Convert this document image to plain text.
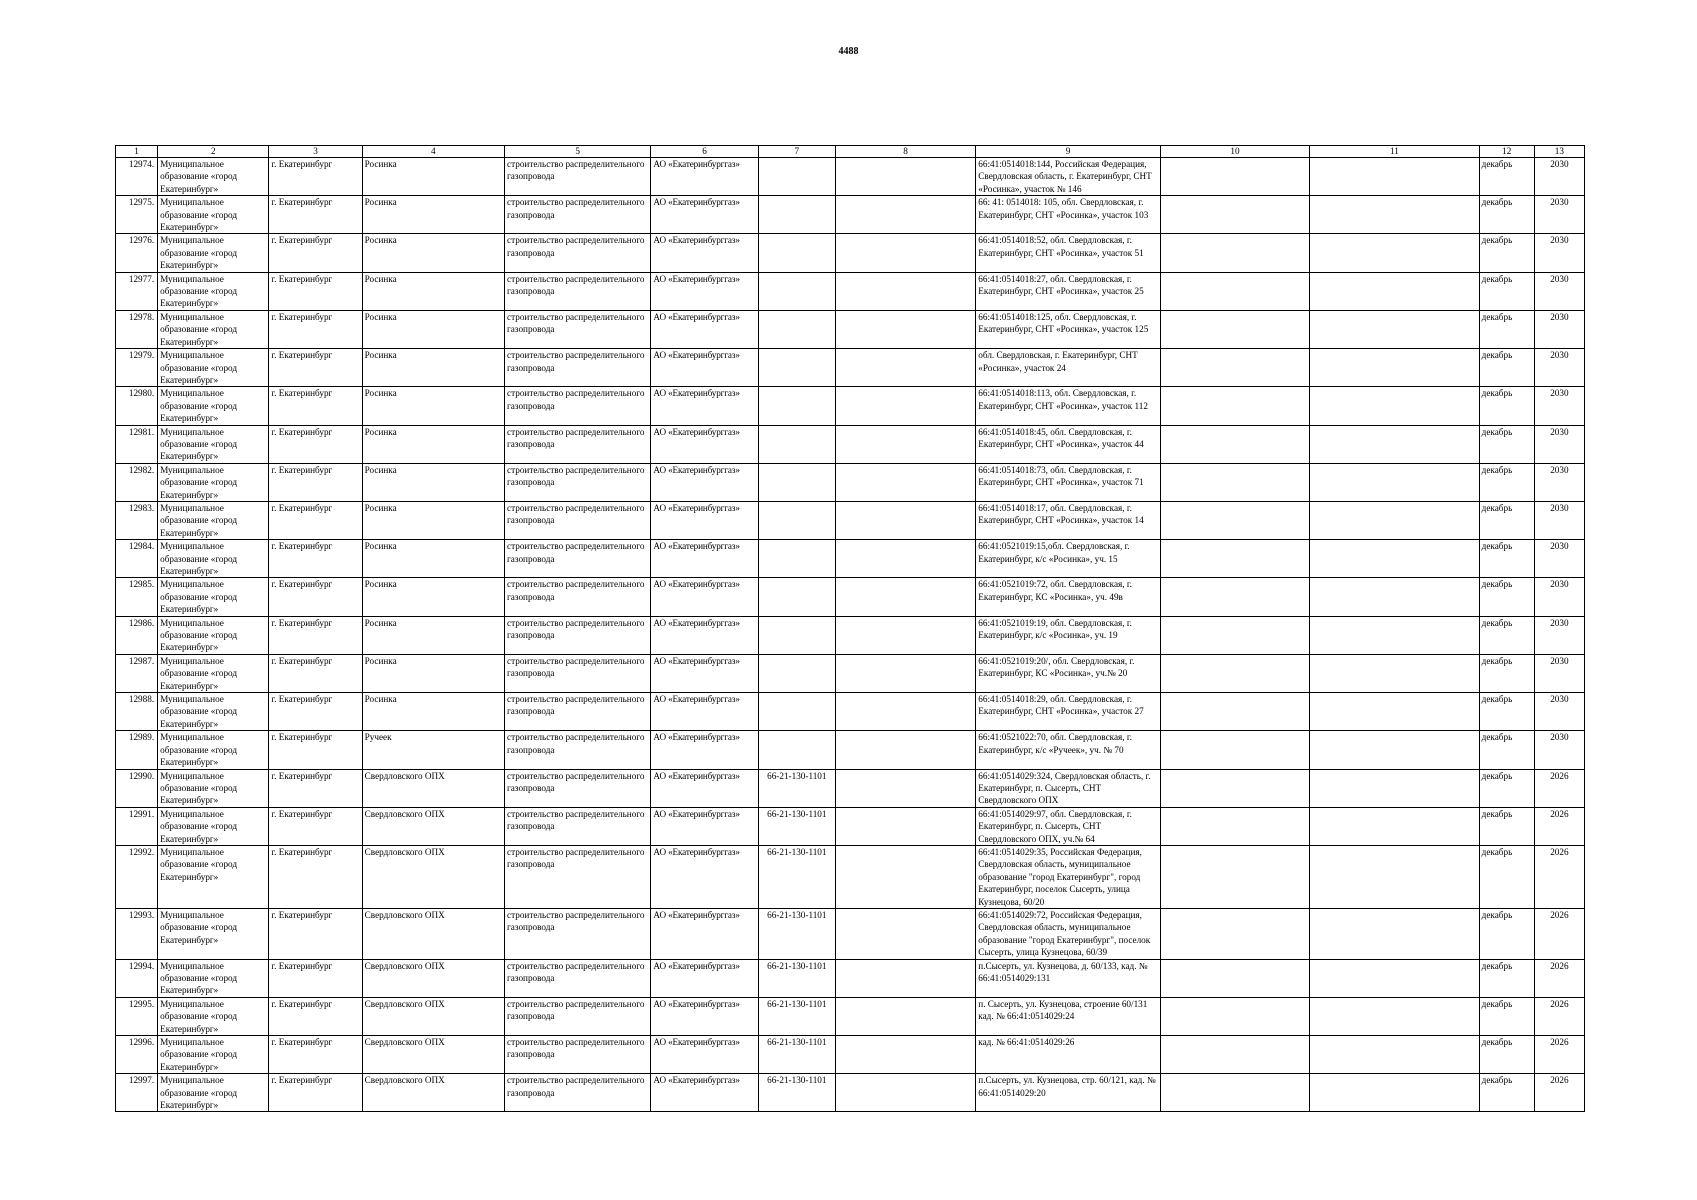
4488
1	2	3	4	5	6	7	8	9	10	11	12	13
12974.	Муниципальное образование «город Екатеринбург»	г. Екатеринбург	Росинка	строительство распределительного газопровода	АО «Екатеринбурггаз»			66:41:0514018:144, Российская Федерация, Свердловская область, г. Екатеринбург, СНТ «Росинка», участок № 146			декабрь	2030
12975.	Муниципальное образование «город Екатеринбург»	г. Екатеринбург	Росинка	строительство распределительного газопровода	АО «Екатеринбурггаз»			66: 41: 0514018: 105, обл. Свердловская, г. Екатеринбург, СНТ «Росинка», участок 103			декабрь	2030
12976.	Муниципальное образование «город Екатеринбург»	г. Екатеринбург	Росинка	строительство распределительного газопровода	АО «Екатеринбурггаз»			66:41:0514018:52, обл. Свердловская, г. Екатеринбург, СНТ «Росинка», участок 51			декабрь	2030
12977.	Муниципальное образование «город Екатеринбург»	г. Екатеринбург	Росинка	строительство распределительного газопровода	АО «Екатеринбурггаз»			66:41:0514018:27, обл. Свердловская, г. Екатеринбург, СНТ «Росинка», участок 25			декабрь	2030
12978.	Муниципальное образование «город Екатеринбург»	г. Екатеринбург	Росинка	строительство распределительного газопровода	АО «Екатеринбурггаз»			66:41:0514018:125, обл. Свердловская, г. Екатеринбург, СНТ «Росинка», участок 125			декабрь	2030
12979.	Муниципальное образование «город Екатеринбург»	г. Екатеринбург	Росинка	строительство распределительного газопровода	АО «Екатеринбурггаз»			обл. Свердловская, г. Екатеринбург, СНТ «Росинка», участок 24			декабрь	2030
12980.	Муниципальное образование «город Екатеринбург»	г. Екатеринбург	Росинка	строительство распределительного газопровода	АО «Екатеринбурггаз»			66:41:0514018:113, обл. Свердловская, г. Екатеринбург, СНТ «Росинка», участок 112			декабрь	2030
12981.	Муниципальное образование «город Екатеринбург»	г. Екатеринбург	Росинка	строительство распределительного газопровода	АО «Екатеринбурггаз»			66:41:0514018:45, обл. Свердловская, г. Екатеринбург, СНТ «Росинка», участок 44			декабрь	2030
12982.	Муниципальное образование «город Екатеринбург»	г. Екатеринбург	Росинка	строительство распределительного газопровода	АО «Екатеринбурггаз»			66:41:0514018:73, обл. Свердловская, г. Екатеринбург, СНТ «Росинка», участок 71			декабрь	2030
12983.	Муниципальное образование «город Екатеринбург»	г. Екатеринбург	Росинка	строительство распределительного газопровода	АО «Екатеринбурггаз»			66:41:0514018:17, обл. Свердловская, г. Екатеринбург, СНТ «Росинка», участок 14			декабрь	2030
12984.	Муниципальное образование «город Екатеринбург»	г. Екатеринбург	Росинка	строительство распределительного газопровода	АО «Екатеринбурггаз»			66:41:0521019:15,обл. Свердловская, г. Екатеринбург, к/с «Росинка», уч. 15			декабрь	2030
12985.	Муниципальное образование «город Екатеринбург»	г. Екатеринбург	Росинка	строительство распределительного газопровода	АО «Екатеринбурггаз»			66:41:0521019:72, обл. Свердловская, г. Екатеринбург, КС «Росинка», уч. 49в			декабрь	2030
12986.	Муниципальное образование «город Екатеринбург»	г. Екатеринбург	Росинка	строительство распределительного газопровода	АО «Екатеринбурггаз»			66:41:0521019:19, обл. Свердловская, г. Екатеринбург, к/с «Росинка», уч. 19			декабрь	2030
12987.	Муниципальное образование «город Екатеринбург»	г. Екатеринбург	Росинка	строительство распределительного газопровода	АО «Екатеринбурггаз»			66:41:0521019:20/, обл. Свердловская, г. Екатеринбург, КС «Росинка», уч.№ 20			декабрь	2030
12988.	Муниципальное образование «город Екатеринбург»	г. Екатеринбург	Росинка	строительство распределительного газопровода	АО «Екатеринбурггаз»			66:41:0514018:29, обл. Свердловская, г. Екатеринбург, СНТ «Росинка», участок 27			декабрь	2030
12989.	Муниципальное образование «город Екатеринбург»	г. Екатеринбург	Ручеек	строительство распределительного газопровода	АО «Екатеринбурггаз»			66:41:0521022:70, обл. Свердловская, г. Екатеринбург, к/с «Ручеек», уч. № 70			декабрь	2030
12990.	Муниципальное образование «город Екатеринбург»	г. Екатеринбург	Свердловского ОПХ	строительство распределительного газопровода	АО «Екатеринбурггаз»	66-21-130-1101		66:41:0514029:324, Свердловская область, г. Екатеринбург, п. Сысерть, СНТ Свердловского ОПХ			декабрь	2026
12991.	Муниципальное образование «город Екатеринбург»	г. Екатеринбург	Свердловского ОПХ	строительство распределительного газопровода	АО «Екатеринбурггаз»	66-21-130-1101		66:41:0514029:97, обл. Свердловская, г. Екатеринбург, п. Сысерть, СНТ Свердловского ОПХ, уч.№ 64			декабрь	2026
12992.	Муниципальное образование «город Екатеринбург»	г. Екатеринбург	Свердловского ОПХ	строительство распределительного газопровода	АО «Екатеринбурггаз»	66-21-130-1101		66:41:0514029:35, Российская Федерация, Свердловская область, муниципальное образование "город Екатеринбург", город Екатеринбург, поселок Сысерть, улица Кузнецова, 60/20			декабрь	2026
12993.	Муниципальное образование «город Екатеринбург»	г. Екатеринбург	Свердловского ОПХ	строительство распределительного газопровода	АО «Екатеринбурггаз»	66-21-130-1101		66:41:0514029:72, Российская Федерация, Свердловская область, муниципальное образование "город Екатеринбург", поселок Сысерть, улица Кузнецова, 60/39			декабрь	2026
12994.	Муниципальное образование «город Екатеринбург»	г. Екатеринбург	Свердловского ОПХ	строительство распределительного газопровода	АО «Екатеринбурггаз»	66-21-130-1101		п.Сысерть, ул. Кузнецова, д. 60/133, кад. № 66:41:0514029:131			декабрь	2026
12995.	Муниципальное образование «город Екатеринбург»	г. Екатеринбург	Свердловского ОПХ	строительство распределительного газопровода	АО «Екатеринбурггаз»	66-21-130-1101		п. Сысерть, ул. Кузнецова, строение 60/131 кад. № 66:41:0514029:24			декабрь	2026
12996.	Муниципальное образование «город Екатеринбург»	г. Екатеринбург	Свердловского ОПХ	строительство распределительного газопровода	АО «Екатеринбурггаз»	66-21-130-1101		кад. № 66:41:0514029:26			декабрь	2026
12997.	Муниципальное образование «город Екатеринбург»	г. Екатеринбург	Свердловского ОПХ	строительство распределительного газопровода	АО «Екатеринбурггаз»	66-21-130-1101		п.Сысерть, ул. Кузнецова, стр. 60/121, кад. № 66:41:0514029:20			декабрь	2026
